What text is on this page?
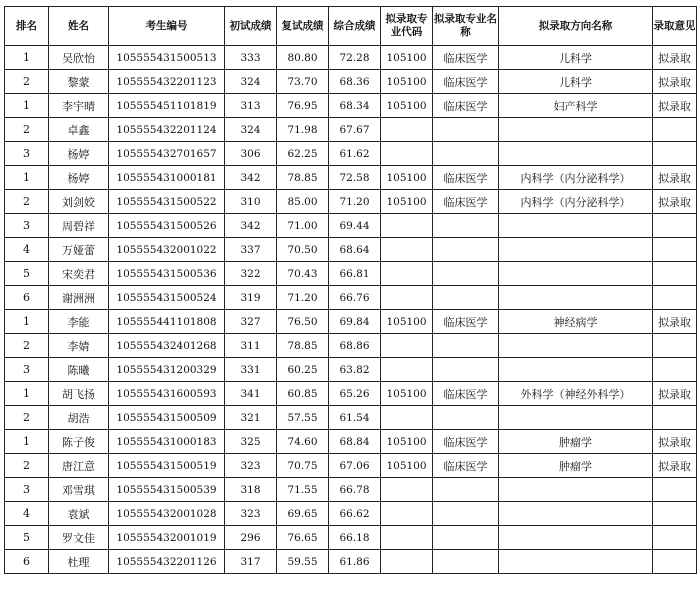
排名	姓名	考生编号	初试成绩	复试成绩	综合成绩	拟录取专业代码	拟录取专业名称	拟录取方向名称	录取意见
1	吴欣怡	105555431500513	333	80.80	72.28	105100	临床医学	儿科学	拟录取
2	黎蒙	105555432201123	324	73.70	68.36	105100	临床医学	儿科学	拟录取
1	李宇晴	105555451101819	313	76.95	68.34	105100	临床医学	妇产科学	拟录取
2	卓鑫	105555432201124	324	71.98	67.67				
3	杨婷	105555432701657	306	62.25	61.62				
1	杨婷	105555431000181	342	78.85	72.58	105100	临床医学	内科学（内分泌科学）	拟录取
2	刘剑姣	105555431500522	310	85.00	71.20	105100	临床医学	内科学（内分泌科学）	拟录取
3	周碧祥	105555431500526	342	71.00	69.44				
4	万娅蕾	105555432001022	337	70.50	68.64				
5	宋奕君	105555431500536	322	70.43	66.81				
6	谢洲洲	105555431500524	319	71.20	66.76				
1	李能	105555441101808	327	76.50	69.84	105100	临床医学	神经病学	拟录取
2	李婧	105555432401268	311	78.85	68.86				
3	陈曦	105555431200329	331	60.25	63.82				
1	胡飞扬	105555431600593	341	60.85	65.26	105100	临床医学	外科学（神经外科学）	拟录取
2	胡浩	105555431500509	321	57.55	61.54				
1	陈子俊	105555431000183	325	74.60	68.84	105100	临床医学	肿瘤学	拟录取
2	唐江意	105555431500519	323	70.75	67.06	105100	临床医学	肿瘤学	拟录取
3	邓雪琪	105555431500539	318	71.55	66.78				
4	袁斌	105555432001028	323	69.65	66.62				
5	罗文佳	105555432001019	296	76.65	66.18				
6	杜理	105555432201126	317	59.55	61.86				
